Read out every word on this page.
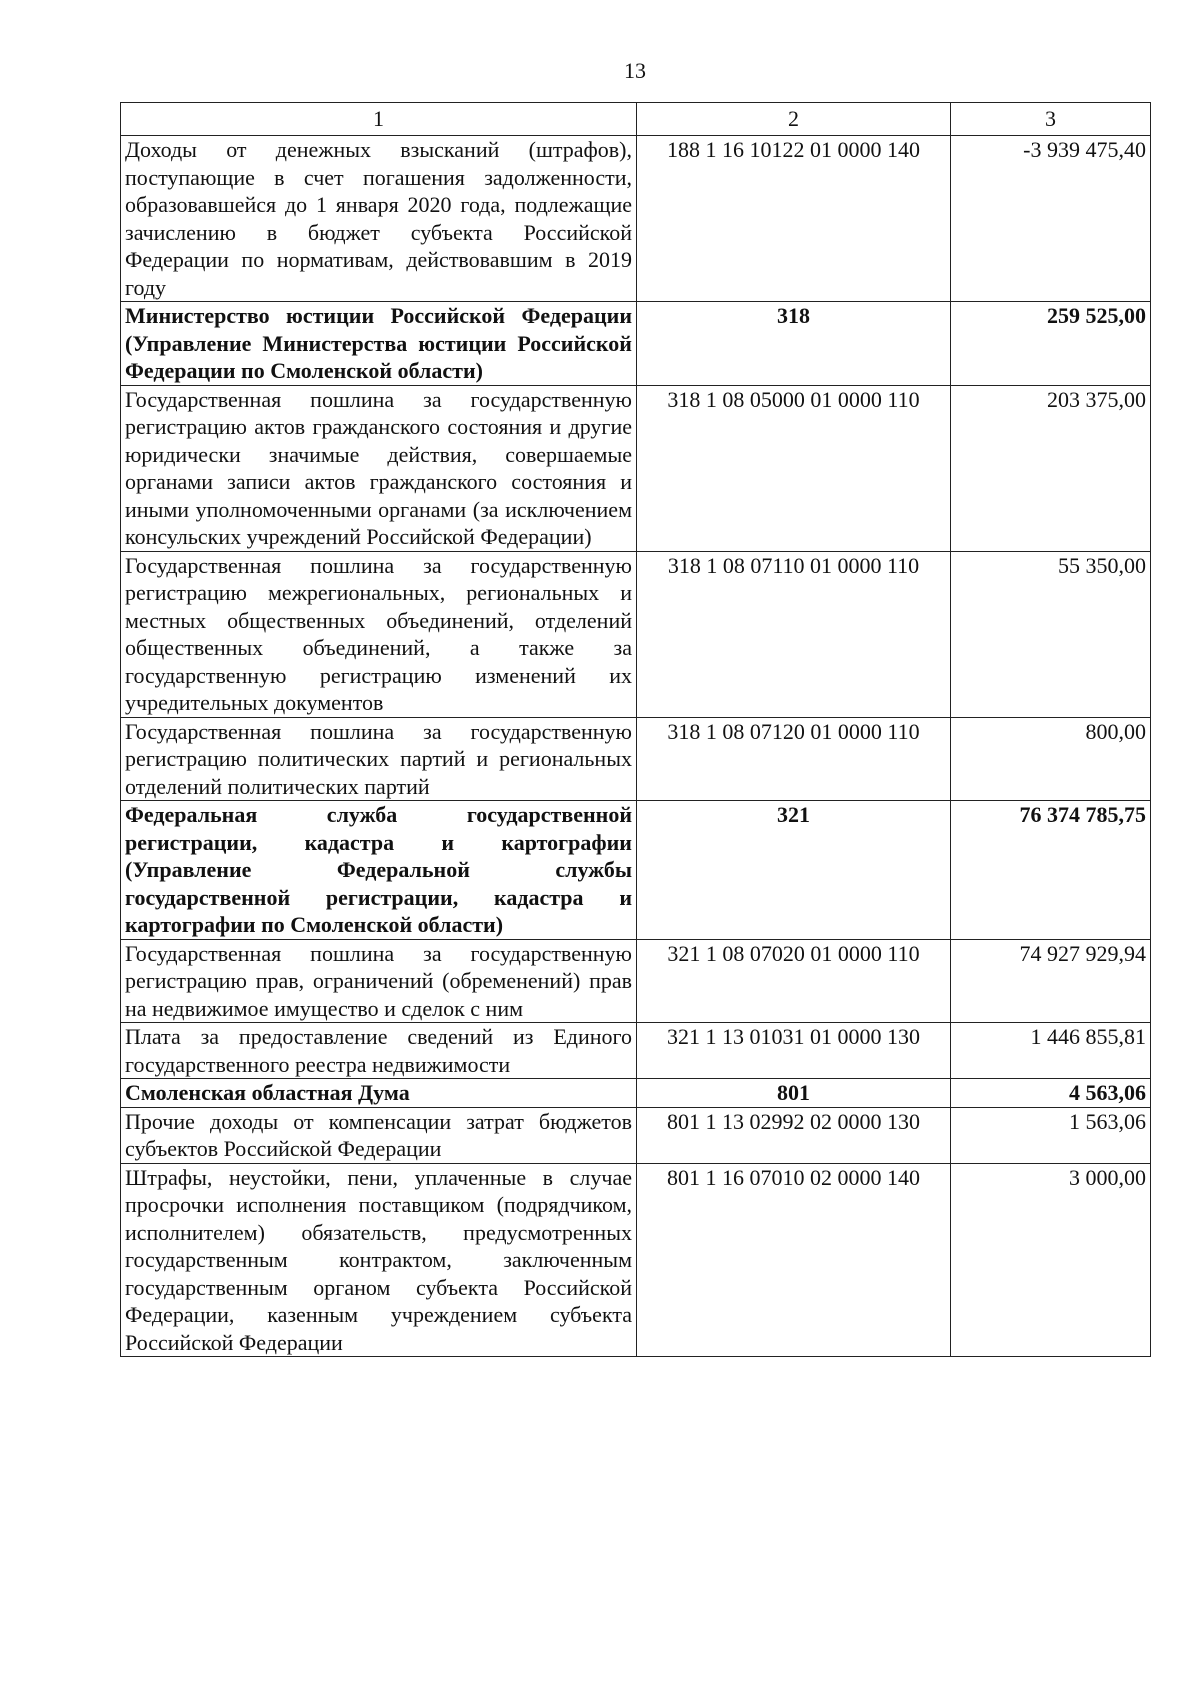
13
1	2	3
Доходы от денежных взысканий (штрафов), поступающие в счет погашения задолженности, образовавшейся до 1 января 2020 года, подлежащие зачислению в бюджет субъекта Российской Федерации по нормативам, действовавшим в 2019 году	188 1 16 10122 01 0000 140	-3 939 475,40
Министерство юстиции Российской Федерации (Управление Министерства юстиции Российской Федерации по Смоленской области)	318	259 525,00
Государственная пошлина за государственную регистрацию актов гражданского состояния и другие юридически значимые действия, совершаемые органами записи актов гражданского состояния и иными уполномоченными органами (за исключением консульских учреждений Российской Федерации)	318 1 08 05000 01 0000 110	203 375,00
Государственная пошлина за государственную регистрацию межрегиональных, региональных и местных общественных объединений, отделений общественных объединений, а также за государственную регистрацию изменений их учредительных документов	318 1 08 07110 01 0000 110	55 350,00
Государственная пошлина за государственную регистрацию политических партий и региональных отделений политических партий	318 1 08 07120 01 0000 110	800,00
Федеральная служба государственной регистрации, кадастра и картографии (Управление Федеральной службы государственной регистрации, кадастра и картографии по Смоленской области)	321	76 374 785,75
Государственная пошлина за государственную регистрацию прав, ограничений (обременений) прав на недвижимое имущество и сделок с ним	321 1 08 07020 01 0000 110	74 927 929,94
Плата за предоставление сведений из Единого государственного реестра недвижимости	321 1 13 01031 01 0000 130	1 446 855,81
Смоленская областная Дума	801	4 563,06
Прочие доходы от компенсации затрат бюджетов субъектов Российской Федерации	801 1 13 02992 02 0000 130	1 563,06
Штрафы, неустойки, пени, уплаченные в случае просрочки исполнения поставщиком (подрядчиком, исполнителем) обязательств, предусмотренных государственным контрактом, заключенным государственным органом субъекта Российской Федерации, казенным учреждением субъекта Российской Федерации	801 1 16 07010 02 0000 140	3 000,00
